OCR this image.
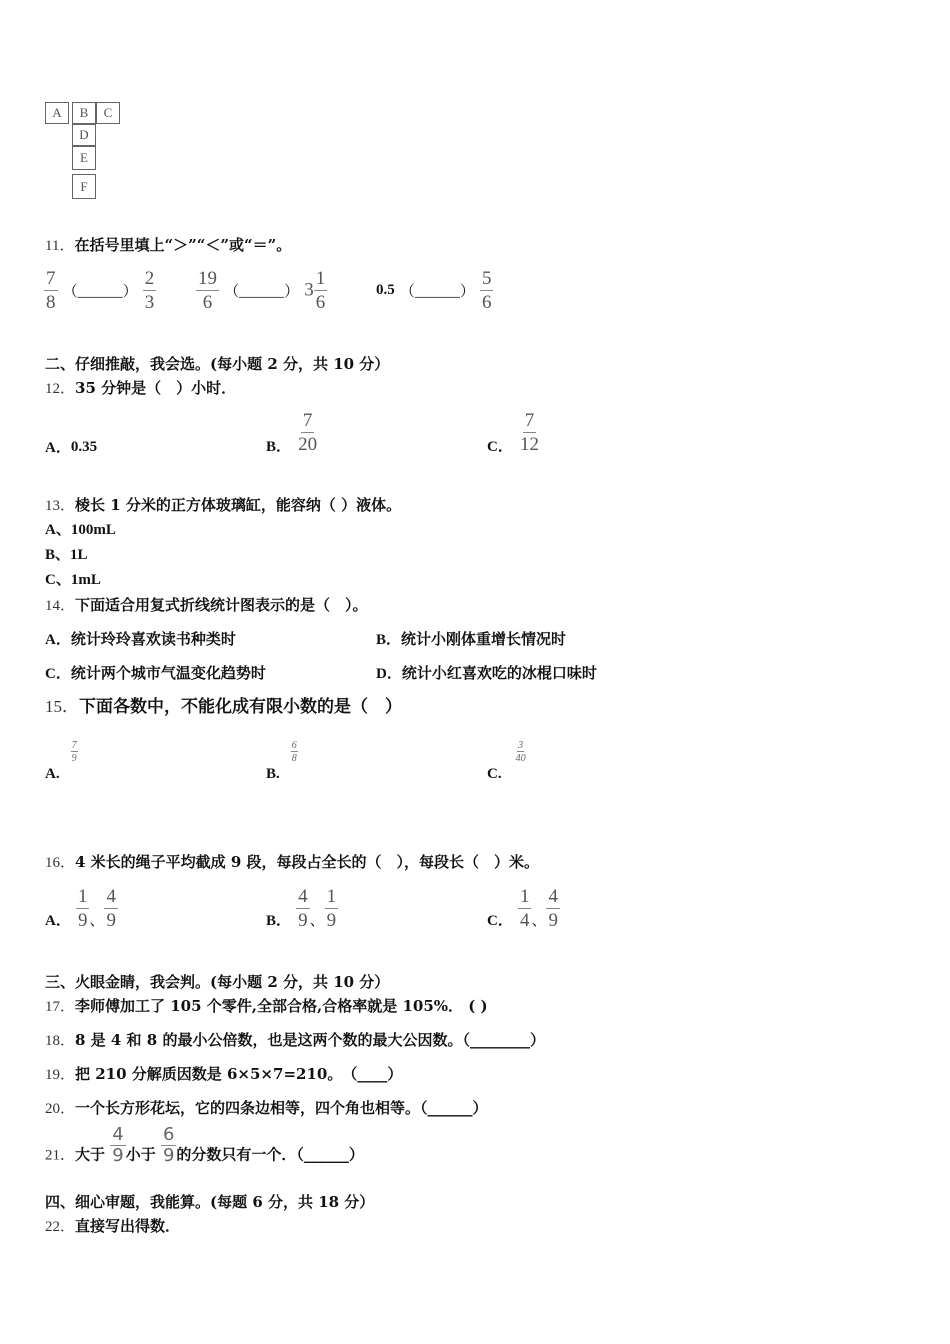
A	B	C
D
E
F
11．在括号里填上“＞”“＜”或“＝”。
$\frac{7}{8}$ （______） $\frac{2}{3} \frac{19}{6}$ （______） $3 \frac{1}{6}$	0.5 （______） $\frac{5}{6}$
二、仔细推敲，我会选。(每小题 2 分，共 10 分）
12．35 分钟是（　）小时．
A．0.35	B． $\frac{7}{20}$	C． $\frac{7}{12}$
13．棱长 1 分米的正方体玻璃缸，能容纳（ ）液体。
A、100mL
B、1L
C、1mL
14．下面适合用复式折线统计图表示的是（　）。
A．统计玲玲喜欢读书种类时	B．统计小刚体重增长情况时
C．统计两个城市气温变化趋势时	D．统计小红喜欢吃的冰棍口味时
15．下面各数中，不能化成有限小数的是（　）
A.
$\frac{7}{9}$
B.
$\frac{6}{8}$
C.
$\frac{3}{40}$
16．4 米长的绳子平均截成 9 段，每段占全长的（　），每段长（　）米。
A． $\frac{1}{9}$ 、 $\frac{4}{9}$	B． $\frac{4}{9}$ 、 $\frac{1}{9}$	C． $\frac{1}{4}$ 、 $\frac{4}{9}$
三、火眼金睛，我会判。(每小题 2 分，共 10 分）
17．李师傅加工了 105 个零件,全部合格,合格率就是 105%． ( )
18．8 是 4 和 8 的最小公倍数，也是这两个数的最大公因数。（________）
19．把 210 分解质因数是 6×5×7=210。　（____）
20．一个长方形花坛，它的四条边相等，四个角也相等。（______）
21．大于 $\frac{4}{9}$ 小于 $\frac{6}{9}$ 的分数只有一个．（______）
四、细心审题，我能算。(每题 6 分，共 18 分）
22．直接写出得数．
